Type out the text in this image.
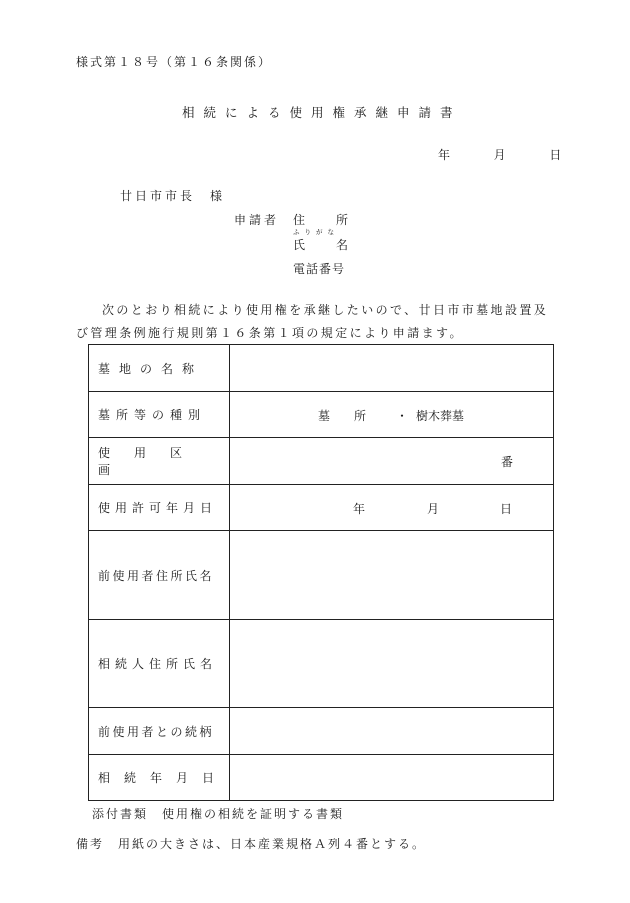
様式第１８号（第１６条関係）
相続による使用権承継申請書
年	月	日
廿日市市長　様
申請者 住	所
ふりがな
氏	名
電話番号
次のとおり相続により使用権を承継したいので、廿日市市墓地設置及び管理条例施行規則第１６条第１項の規定により申請ます。
墓地の名称	
墓所等の種別	墓　　所 ・ 樹木葬墓

使用区画	番

使用許可年月日	年 月 日

前使用者住所氏名	
相続人住所氏名	
前使用者との続柄	
相続年月日	
添付書類　使用権の相続を証明する書類
備考　用紙の大きさは、日本産業規格Ａ列４番とする。
